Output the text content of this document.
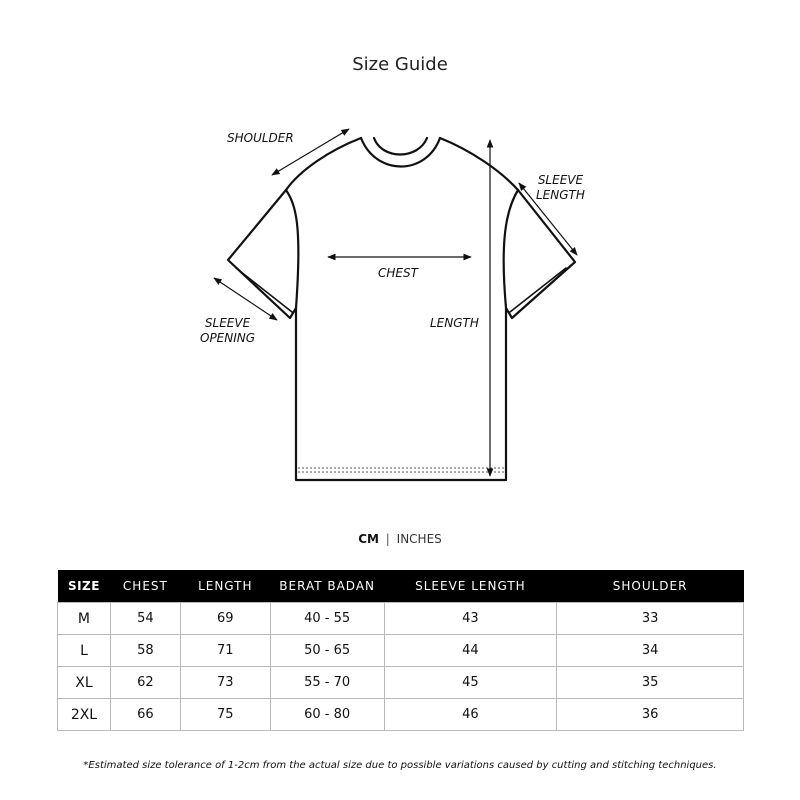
Size Guide
SHOULDER
SLEEVE
LENGTH
CHEST
LENGTH
SLEEVE
OPENING
CM | INCHES
SIZE	CHEST	LENGTH	BERAT BADAN	SLEEVE LENGTH	SHOULDER
M	54	69	40 - 55	43	33
L	58	71	50 - 65	44	34
XL	62	73	55 - 70	45	35
2XL	66	75	60 - 80	46	36
*Estimated size tolerance of 1-2cm from the actual size due to possible variations caused by cutting and stitching techniques.
